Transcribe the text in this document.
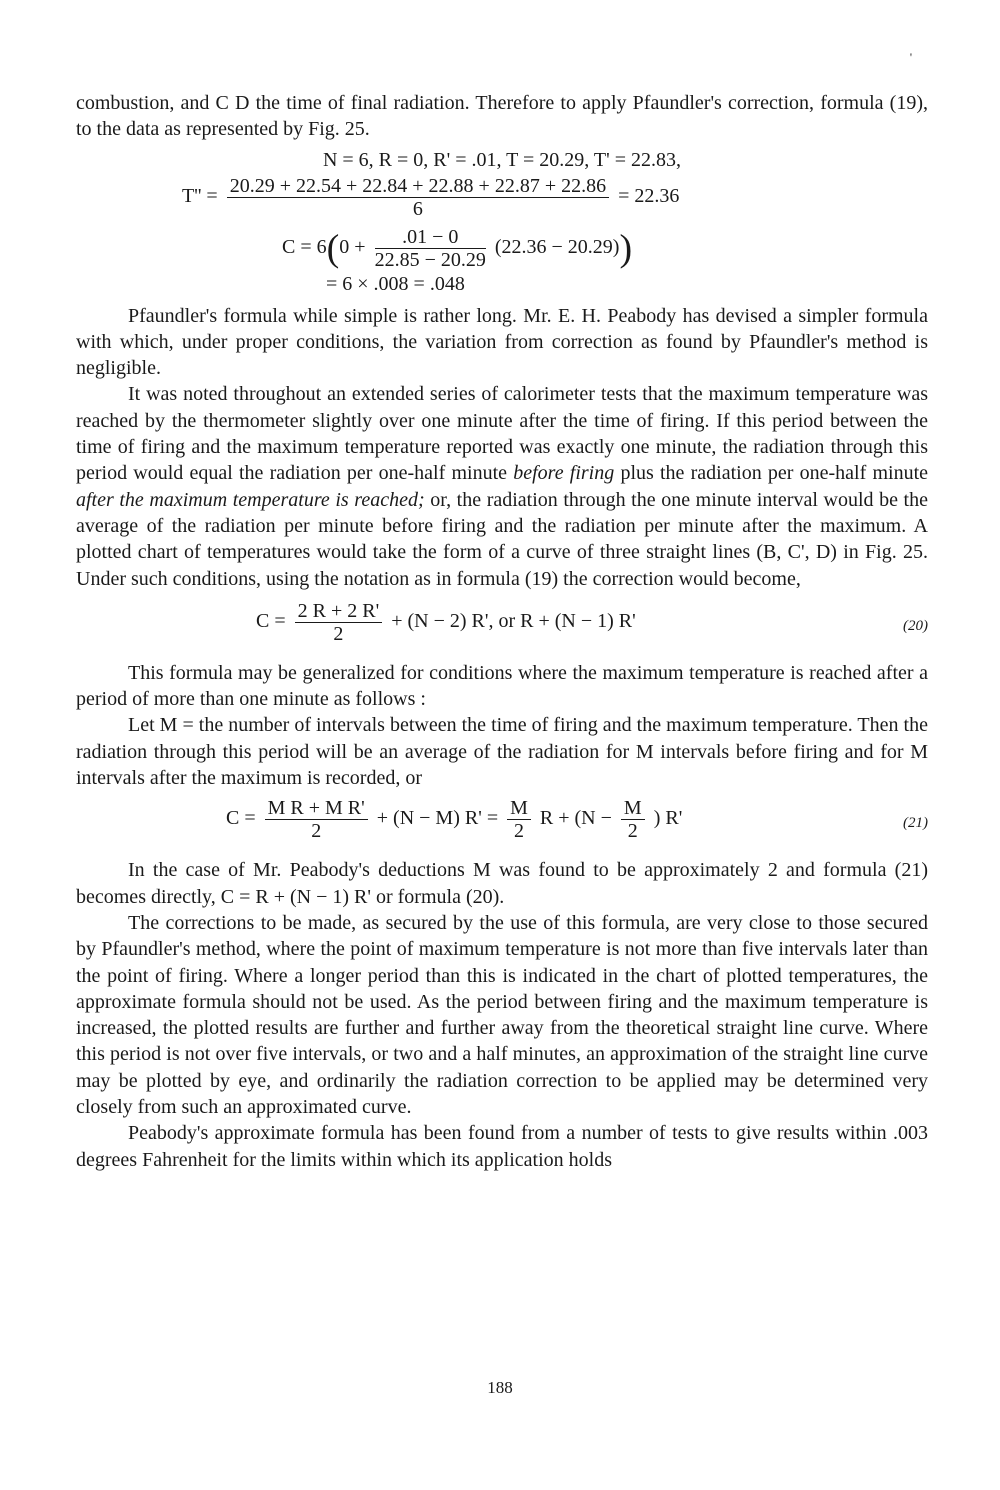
'

combustion, and C D the time of final radiation. Therefore to apply Pfaundler's correction, formula (19), to the data as represented by Fig. 25.

N = 6, R = 0, R' = .01, T = 20.29, T' = 22.83,
$T'' = \frac{20.29 + 22.54 + 22.84 + 22.88 + 22.87 + 22.86}{6} = 22.36$
$C = 6(0 + \frac{.01 - 0}{22.85 - 20.29} (22.36 - 20.29))$
= 6 × .008 = .048

Pfaundler's formula while simple is rather long. Mr. E. H. Peabody has devised a simpler formula with which, under proper conditions, the variation from correction as found by Pfaundler's method is negligible.

It was noted throughout an extended series of calorimeter tests that the maximum temperature was reached by the thermometer slightly over one minute after the time of firing. If this period between the time of firing and the maximum temperature reported was exactly one minute, the radiation through this period would equal the radiation per one-half minute before firing plus the radiation per one-half minute after the maximum temperature is reached; or, the radiation through the one minute interval would be the average of the radiation per minute before firing and the radiation per minute after the maximum. A plotted chart of temperatures would take the form of a curve of three straight lines (B, C', D) in Fig. 25. Under such conditions, using the notation as in formula (19) the correction would become,

$C = \frac{2 R + 2 R'}{2} + (N - 2)$ R', or R + (N − 1) R'	(20)

This formula may be generalized for conditions where the maximum temperature is reached after a period of more than one minute as follows :

Let M = the number of intervals between the time of firing and the maximum temperature. Then the radiation through this period will be an average of the radiation for M intervals before firing and for M intervals after the maximum is recorded, or

$C = \frac{\text{M R + M R'}}{2} + (N - M) R' = \frac{M}{2}$ $R + (N - \frac{M}{2}$ ) R'	(21)

In the case of Mr. Peabody's deductions M was found to be approximately 2 and formula (21) becomes directly, C = R + (N − 1) R' or formula (20).

The corrections to be made, as secured by the use of this formula, are very close to those secured by Pfaundler's method, where the point of maximum temperature is not more than five intervals later than the point of firing. Where a longer period than this is indicated in the chart of plotted temperatures, the approximate formula should not be used. As the period between firing and the maximum temperature is increased, the plotted results are further and further away from the theoretical straight line curve. Where this period is not over five intervals, or two and a half minutes, an approximation of the straight line curve may be plotted by eye, and ordinarily the radiation correction to be applied may be determined very closely from such an approximated curve.

Peabody's approximate formula has been found from a number of tests to give results within .003 degrees Fahrenheit for the limits within which its application holds

188
